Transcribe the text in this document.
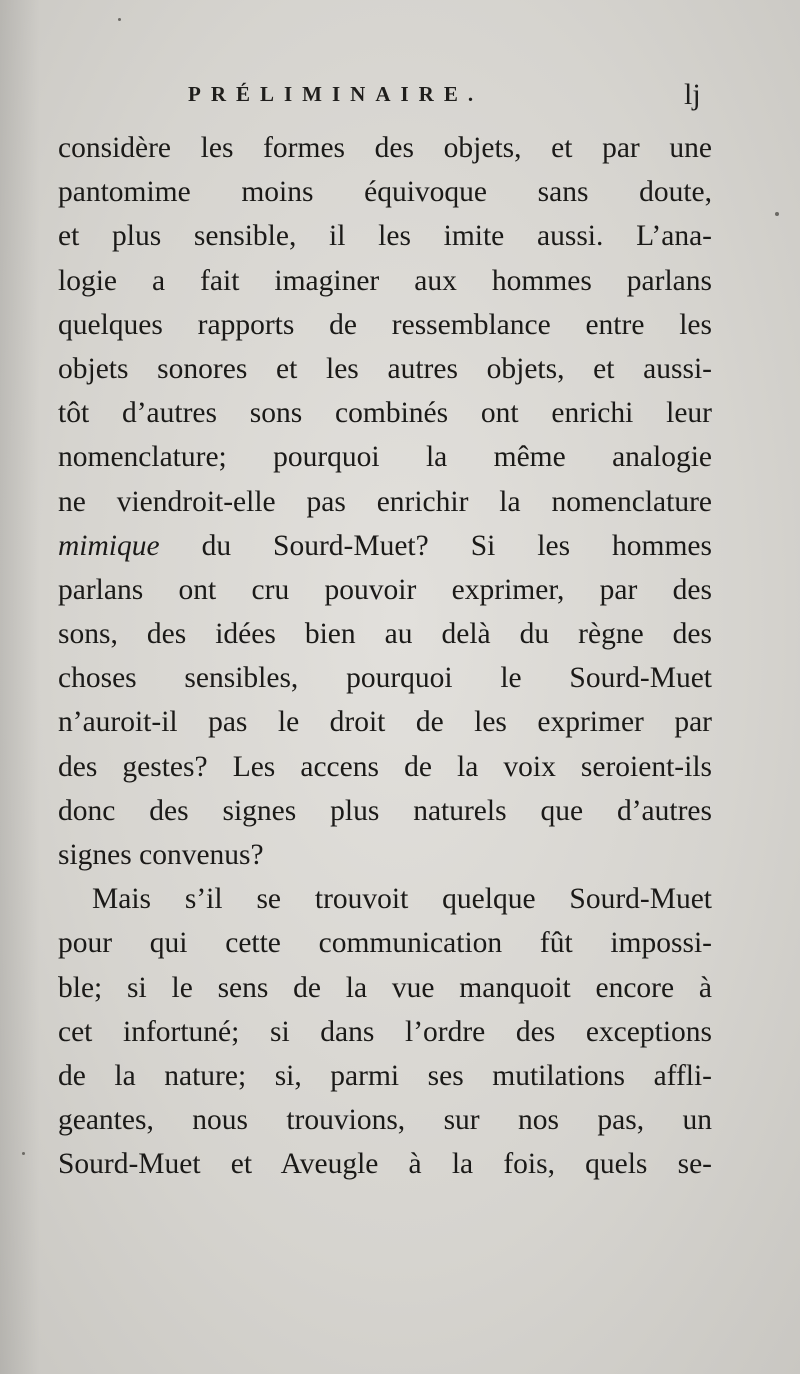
PRÉLIMINAIRE.	lj
considère les formes des objets, et par une
pantomime moins équivoque sans doute,
et plus sensible, il les imite aussi. L’ana-
logie a fait imaginer aux hommes parlans
quelques rapports de ressemblance entre les
objets sonores et les autres objets, et aussi-
tôt d’autres sons combinés ont enrichi leur
nomenclature; pourquoi la même analogie
ne viendroit-elle pas enrichir la nomenclature
mimique du Sourd-Muet? Si les hommes
parlans ont cru pouvoir exprimer, par des
sons, des idées bien au delà du règne des
choses sensibles, pourquoi le Sourd-Muet
n’auroit-il pas le droit de les exprimer par
des gestes? Les accens de la voix seroient-ils
donc des signes plus naturels que d’autres
signes convenus?
Mais s’il se trouvoit quelque Sourd-Muet
pour qui cette communication fût impossi-
ble; si le sens de la vue manquoit encore à
cet infortuné; si dans l’ordre des exceptions
de la nature; si, parmi ses mutilations affli-
geantes, nous trouvions, sur nos pas, un
Sourd-Muet et Aveugle à la fois, quels se-
